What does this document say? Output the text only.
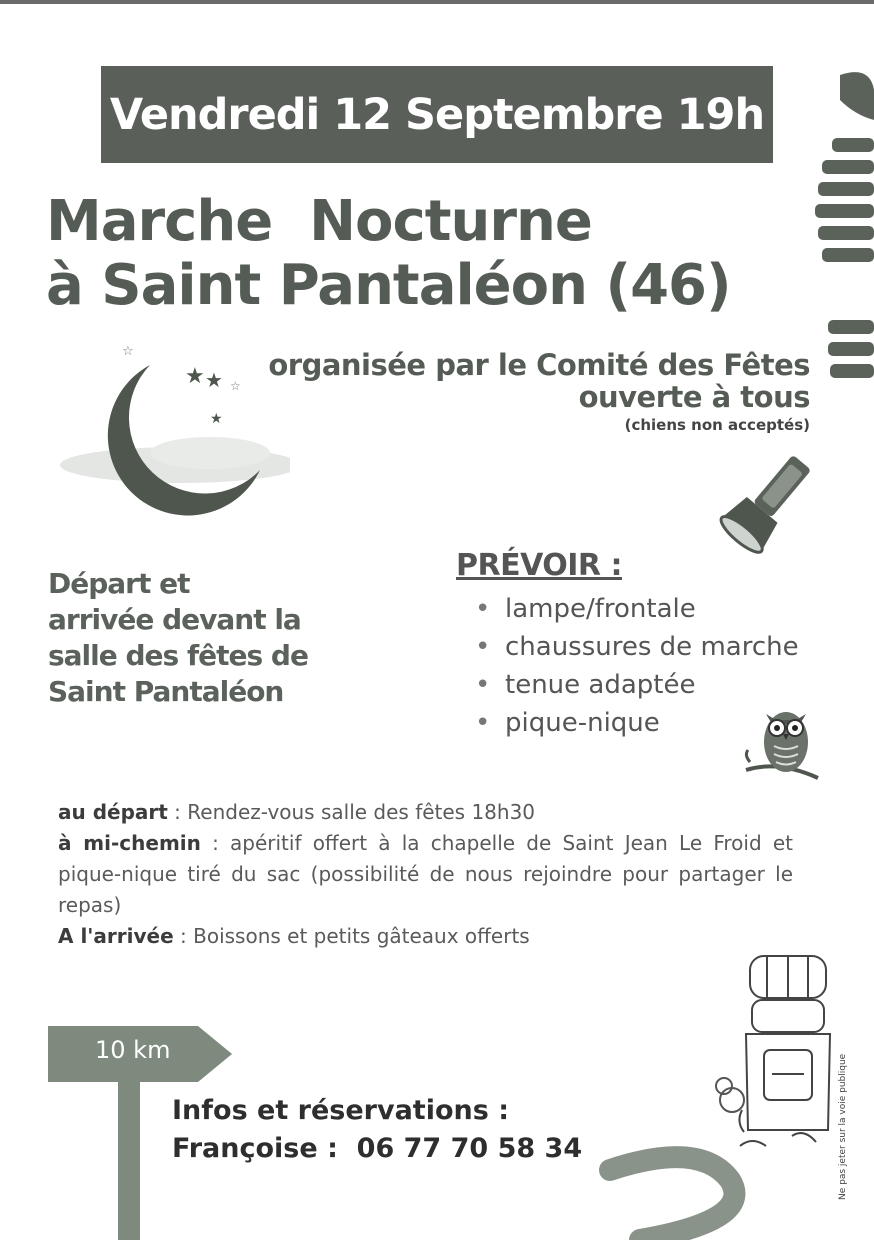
Vendredi 12 Septembre 19h
Marche  Nocturne
à Saint Pantaléon (46)
★ ★
★
☆
☆
organisée par le Comité des Fêtes
ouverte à tous
(chiens non acceptés)
Départ et
arrivée devant la
salle des fêtes de
Saint Pantaléon
PRÉVOIR :
• lampe/frontale
• chaussures de marche
• tenue adaptée
• pique-nique
au départ : Rendez-vous salle des fêtes 18h30
à mi-chemin : apéritif offert à la chapelle de Saint Jean Le Froid et pique-nique tiré du sac (possibilité de nous rejoindre pour partager le repas)
A l'arrivée : Boissons et petits gâteaux offerts
10 km
Infos et réservations :
Françoise :  06 77 70 58 34	Ne pas jeter sur la voie publique
